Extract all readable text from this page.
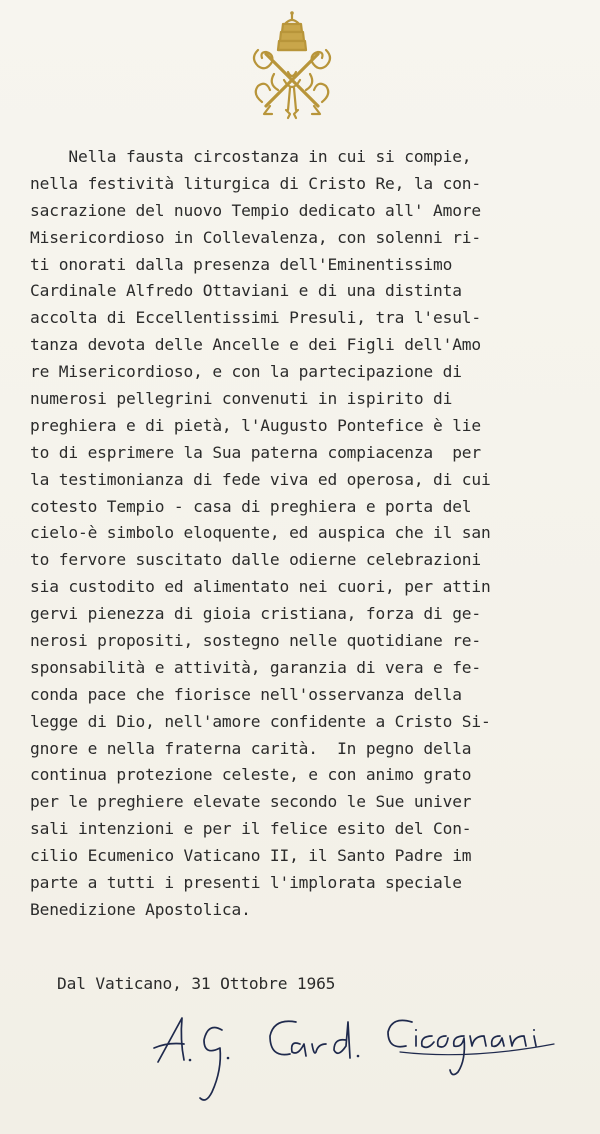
Nella fausta circostanza in cui si compie,
nella festività liturgica di Cristo Re, la con-
sacrazione del nuovo Tempio dedicato all' Amore
Misericordioso in Collevalenza, con solenni ri-
ti onorati dalla presenza dell'Eminentissimo
Cardinale Alfredo Ottaviani e di una distinta
accolta di Eccellentissimi Presuli, tra l'esul-
tanza devota delle Ancelle e dei Figli dell'Amo
re Misericordioso, e con la partecipazione di
numerosi pellegrini convenuti in ispirito di
preghiera e di pietà, l'Augusto Pontefice è lie
to di esprimere la Sua paterna compiacenza  per
la testimonianza di fede viva ed operosa, di cui
cotesto Tempio - casa di preghiera e porta del
cielo-è simbolo eloquente, ed auspica che il san
to fervore suscitato dalle odierne celebrazioni
sia custodito ed alimentato nei cuori, per attin
gervi pienezza di gioia cristiana, forza di ge-
nerosi propositi, sostegno nelle quotidiane re-
sponsabilità e attività, garanzia di vera e fe-
conda pace che fiorisce nell'osservanza della
legge di Dio, nell'amore confidente a Cristo Si-
gnore e nella fraterna carità.  In pegno della
continua protezione celeste, e con animo grato
per le preghiere elevate secondo le Sue univer
sali intenzioni e per il felice esito del Con-
cilio Ecumenico Vaticano II, il Santo Padre im
parte a tutti i presenti l'implorata speciale
Benedizione Apostolica.
Dal Vaticano, 31 Ottobre 1965
